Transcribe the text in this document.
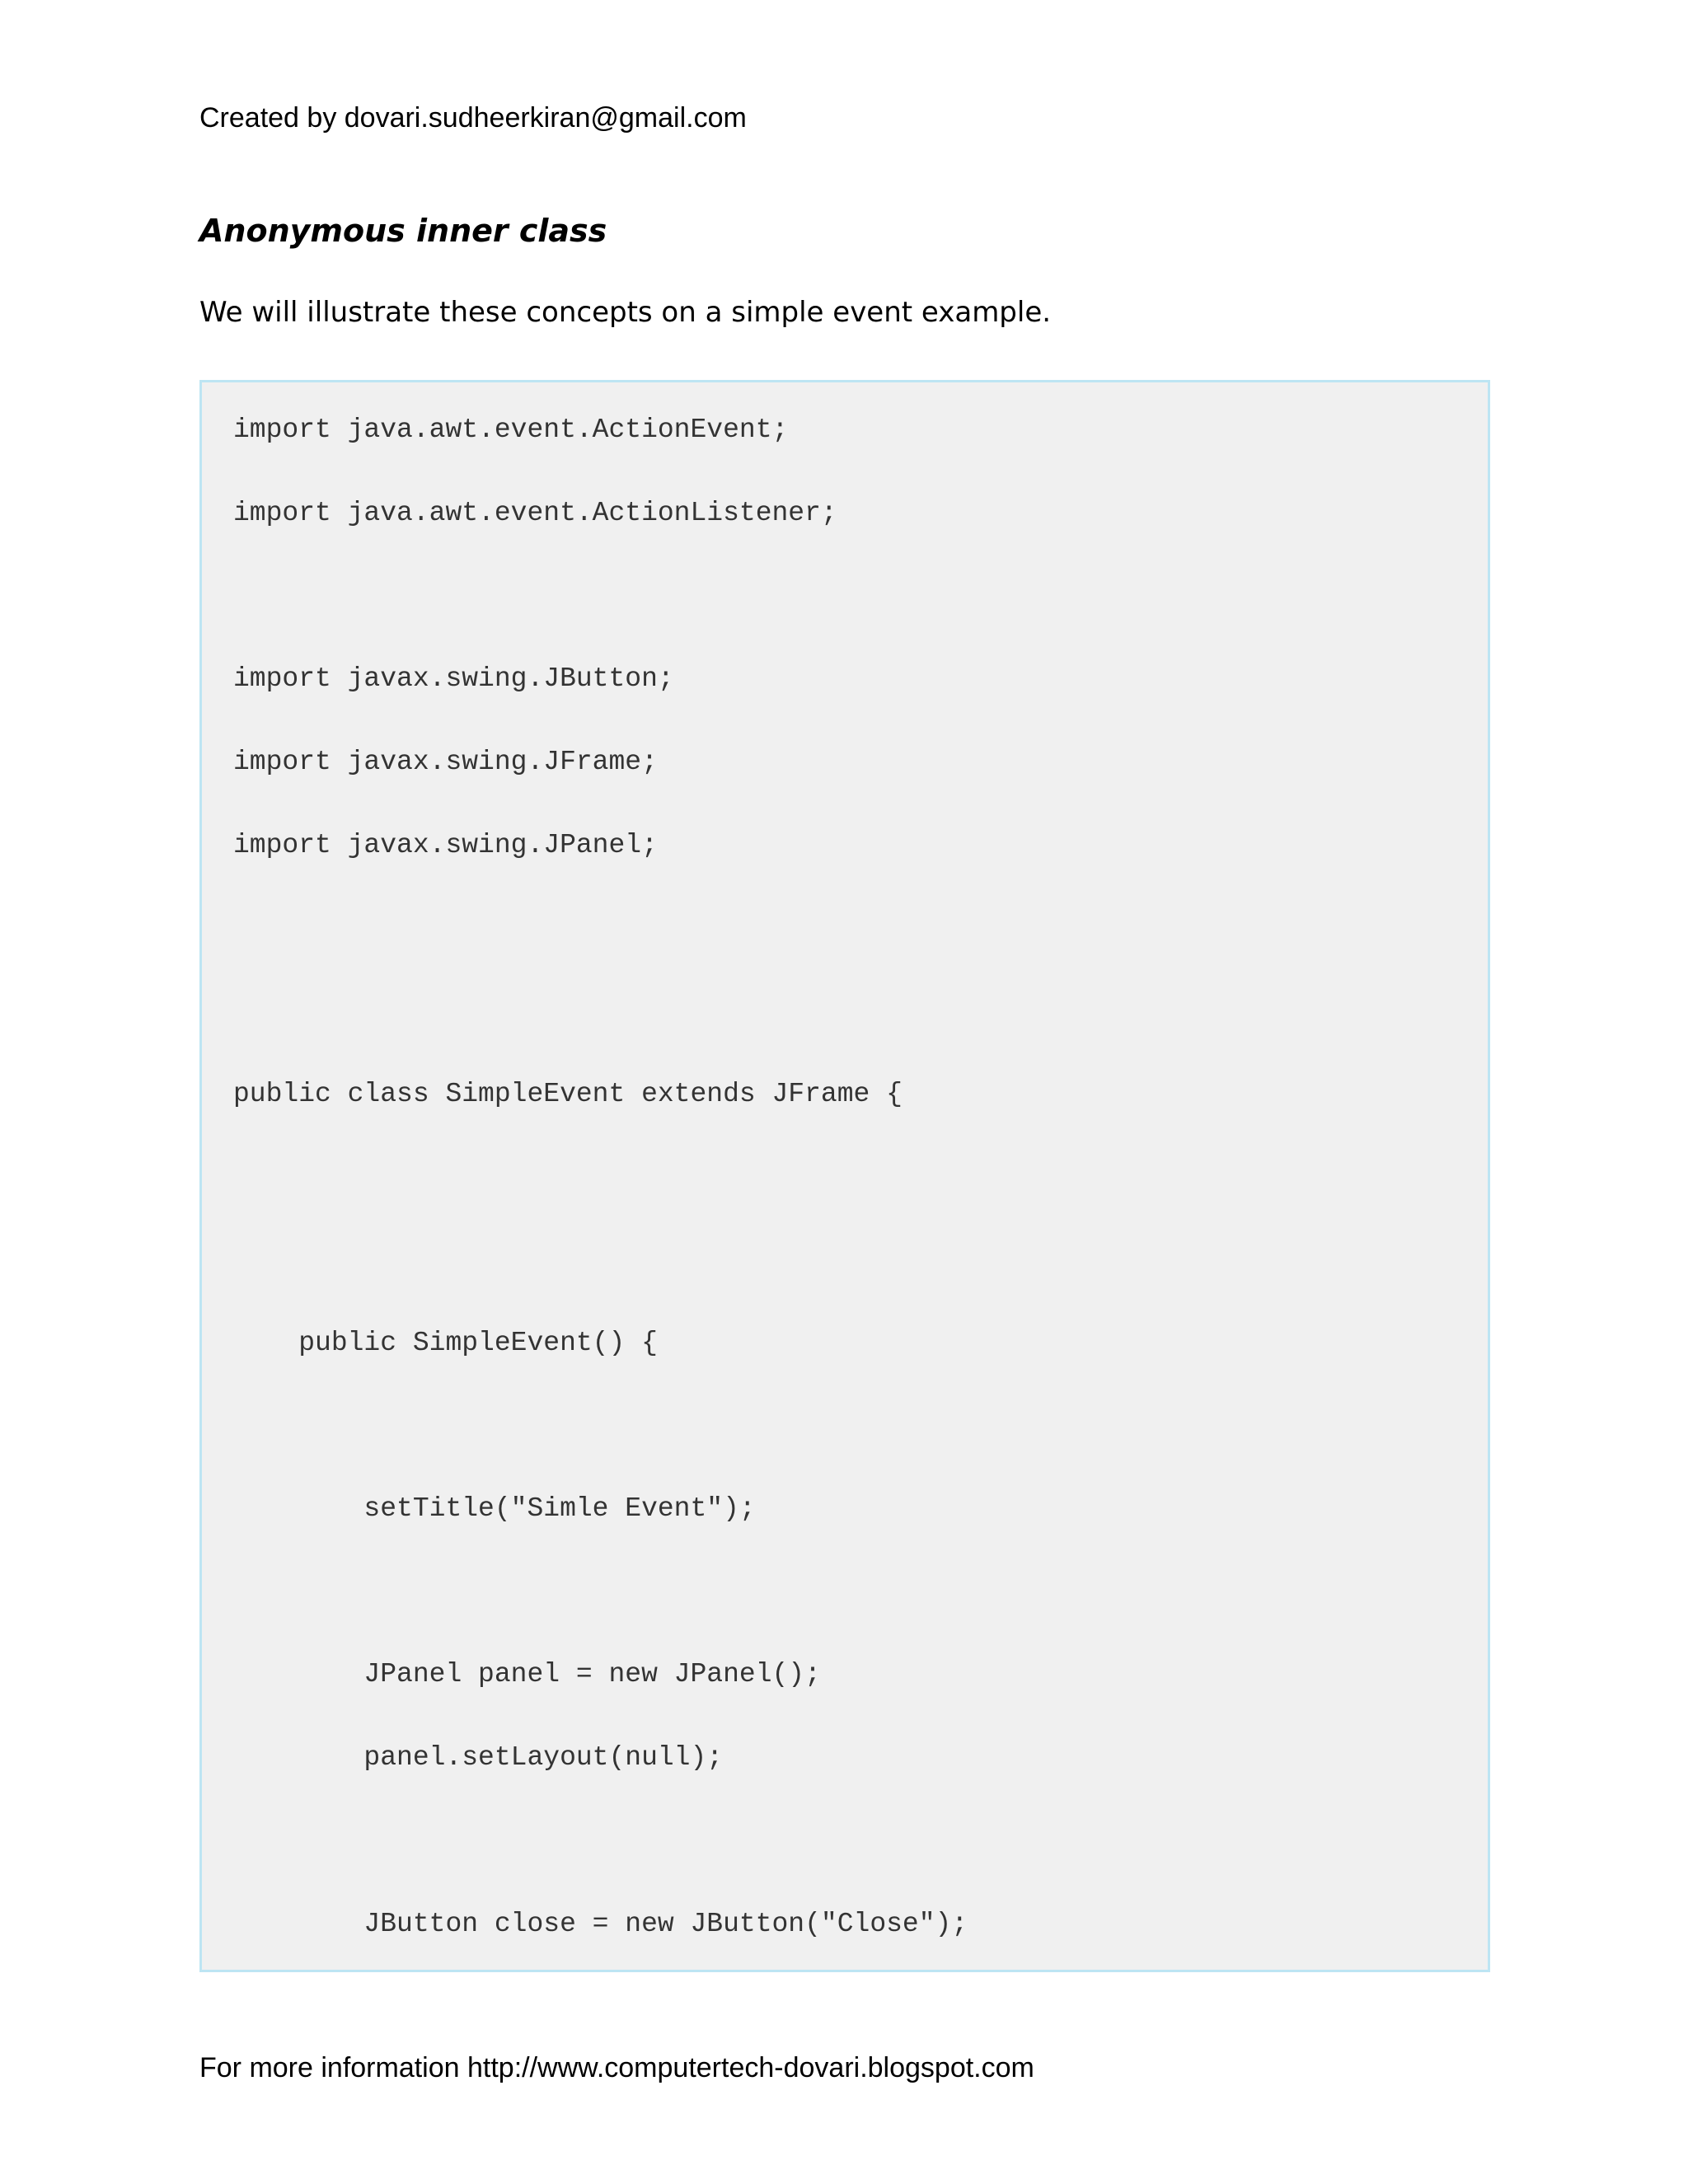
Created by dovari.sudheerkiran@gmail.com
Anonymous inner class
We will illustrate these concepts on a simple event example.
import java.awt.event.ActionEvent;
import java.awt.event.ActionListener;
import javax.swing.JButton;
import javax.swing.JFrame;
import javax.swing.JPanel;
public class SimpleEvent extends JFrame {
public SimpleEvent() {
setTitle("Simle Event");
JPanel panel = new JPanel();
panel.setLayout(null);
JButton close = new JButton("Close");
For more information http://www.computertech-dovari.blogspot.com
